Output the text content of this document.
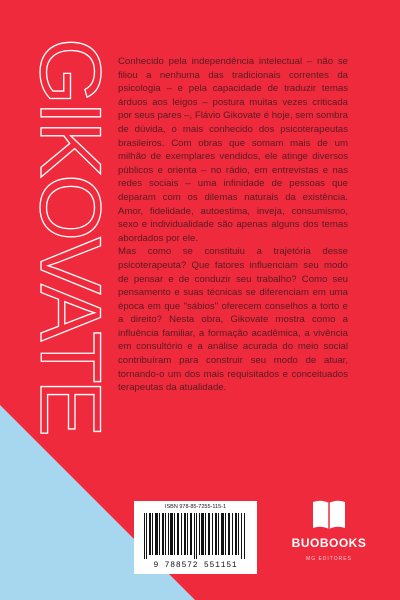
GIKOVATE Conhecido pela independência intelectual – não se filiou a nenhuma das tradicionais correntes da psicologia – e pela capacidade de traduzir temas árduos aos leigos – postura muitas vezes criticada por seus pares –, Flávio Gikovate é hoje, sem sombra de dúvida, o mais conhecido dos psicoterapeutas brasileiros. Com obras que somam mais de um milhão de exemplares vendidos, ele atinge diversos públicos e orienta – no rádio, em entrevistas e nas redes sociais – uma infinidade de pessoas que deparam com os dilemas naturais da existência. Amor, fidelidade, autoestima, inveja, consumismo, sexo e individualidade são apenas alguns dos temas abordados por ele.

Mas como se constituiu a trajetória desse psicoterapeuta? Que fatores influenciam seu modo de pensar e de conduzir seu trabalho? Como seu pensamento e suas técnicas se diferenciam em uma época em que "sábios" oferecem conselhos a torto e a direito? Nesta obra, Gikovate mostra como a influência familiar, a formação acadêmica, a vivência em consultório e a análise acurada do meio social contribuíram para construir seu modo de atuar, tornando-o um dos mais requisitados e conceituados terapeutas da atualidade.

ISBN 978-85-7255-115-1
9 788572 551151
BUOBOOKS
MG EDITORES
